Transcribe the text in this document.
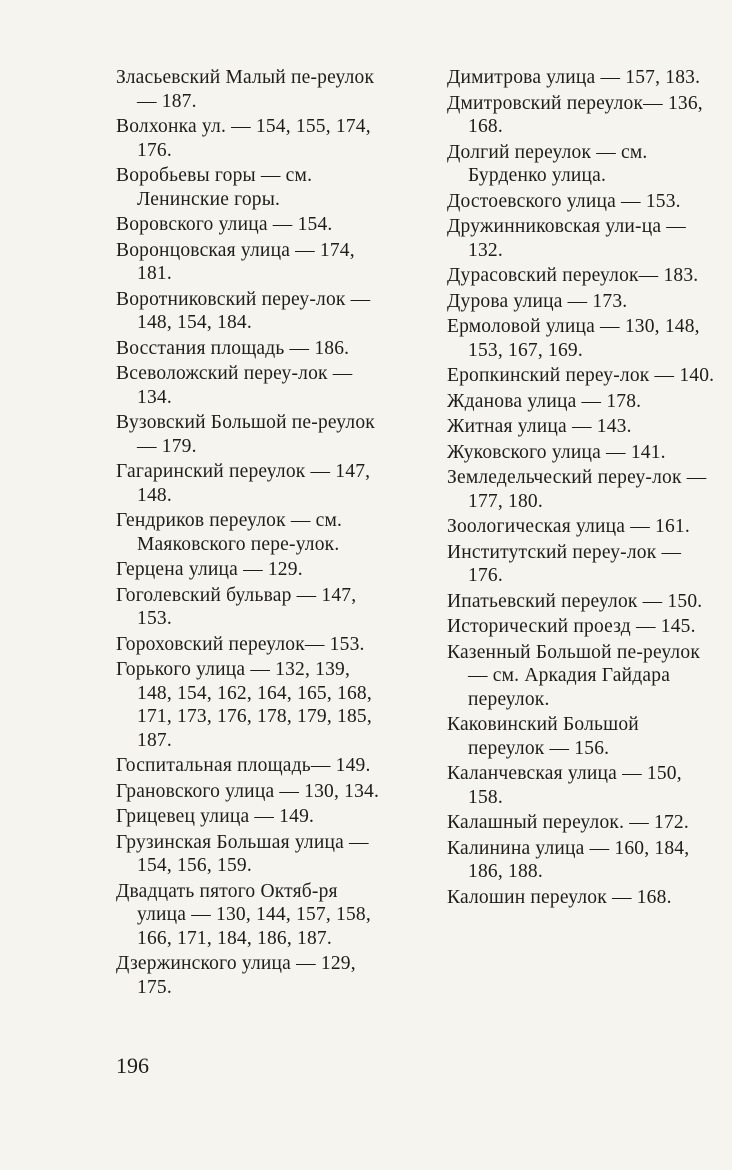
Зласьевский Малый пе-реулок — 187.
Волхонка ул. — 154, 155, 174, 176.
Воробьевы горы — см. Ленинские горы.
Воровского улица — 154.
Воронцовская улица — 174, 181.
Воротниковский переу-лок — 148, 154, 184.
Восстания площадь — 186.
Всеволожский переу-лок — 134.
Вузовский Большой пе-реулок — 179.
Гагаринский переулок — 147, 148.
Гендриков переулок — см. Маяковского пере-улок.
Герцена улица — 129.
Гоголевский бульвар — 147, 153.
Гороховский переулок— 153.
Горького улица — 132, 139, 148, 154, 162, 164, 165, 168, 171, 173, 176, 178, 179, 185, 187.
Госпитальная площадь— 149.
Грановского улица — 130, 134.
Грицевец улица — 149.
Грузинская Большая улица — 154, 156, 159.
Двадцать пятого Октяб-ря улица — 130, 144, 157, 158, 166, 171, 184, 186, 187.
Дзержинского улица — 129, 175.
Димитрова улица — 157, 183.
Дмитровский переулок— 136, 168.
Долгий переулок — см. Бурденко улица.
Достоевского улица — 153.
Дружинниковская ули-ца — 132.
Дурасовский переулок— 183.
Дурова улица — 173.
Ермоловой улица — 130, 148, 153, 167, 169.
Еропкинский переу-лок — 140.
Жданова улица — 178.
Житная улица — 143.
Жуковского улица — 141.
Земледельческий переу-лок — 177, 180.
Зоологическая улица — 161.
Институтский переу-лок — 176.
Ипатьевский переулок — 150.
Исторический проезд — 145.
Казенный Большой пе-реулок — см. Аркадия Гайдара переулок.
Каковинский Большой переулок — 156.
Каланчевская улица — 150, 158.
Калашный переулок. — 172.
Калинина улица — 160, 184, 186, 188.
Калошин переулок — 168.
196
